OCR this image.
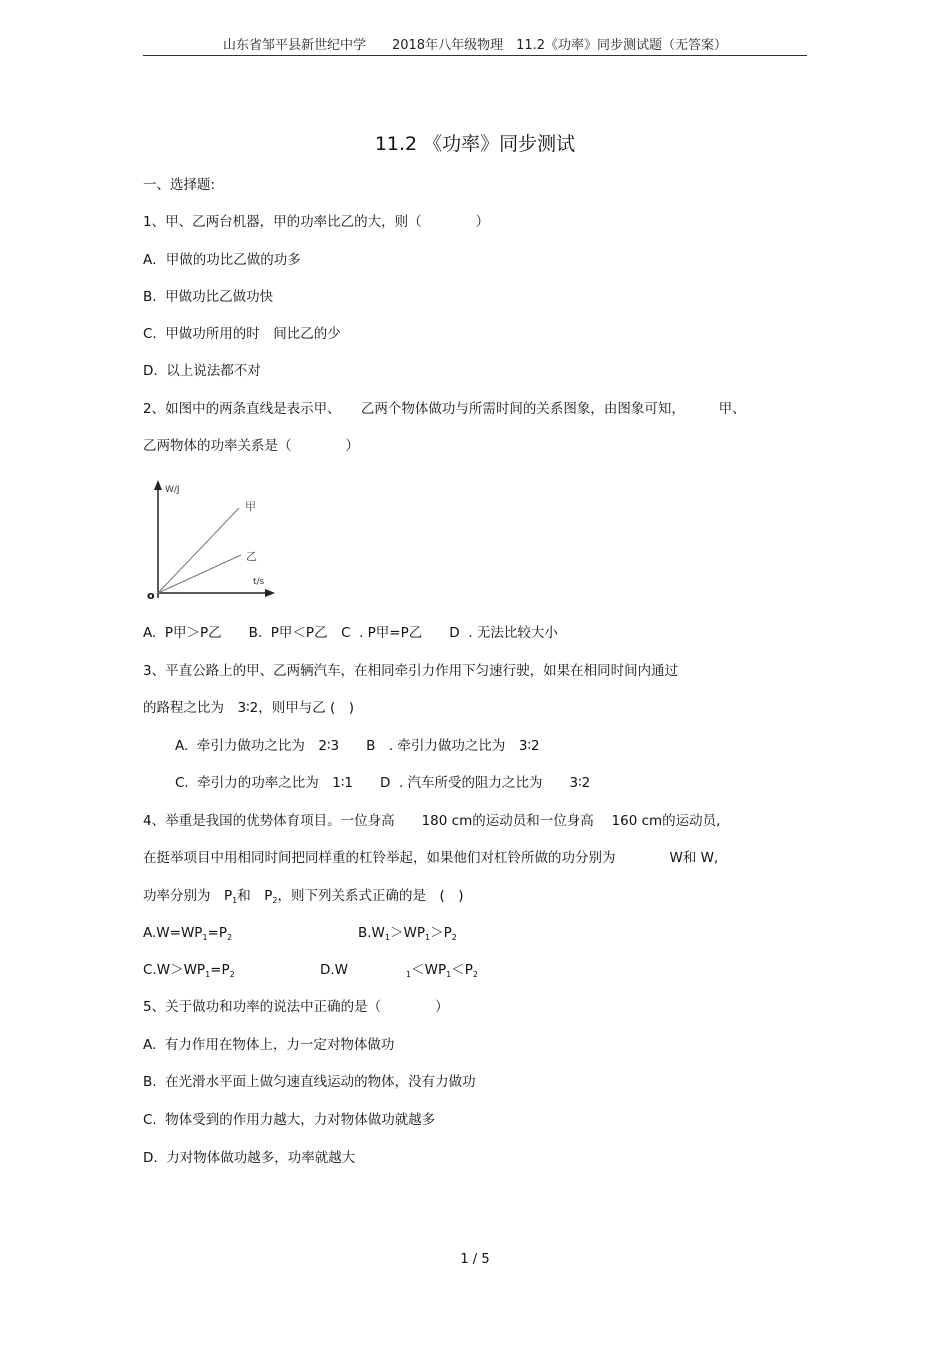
山东省邹平县新世纪中学　　2018年八年级物理　11.2《功率》同步测试题（无答案）
11.2 《功率》同步测试
一、选择题:
1、甲、乙两台机器，甲的功率比乙的大，则（　　　　）
A．甲做的功比乙做的功多
B.  甲做功比乙做功快
C.  甲做功所用的时　间比乙的少
D.  以上说法都不对
2、如图中的两条直线是表示甲、　　乙两个物体做功与所需时间的关系图象，由图象可知，　　　甲、
乙两物体的功率关系是（　　　　）
W/J
t/s
o
甲
乙
A.  P甲＞P乙　　B.  P甲＜P乙　C  . P甲=P乙　　D  . 无法比较大小
3、平直公路上的甲、乙两辆汽车，在相同牵引力作用下匀速行驶，如果在相同时间内通过
的路程之比为　3∶2，则甲与乙 (　)
A.  牵引力做功之比为　2∶3　　B　. 牵引力做功之比为　3∶2
C.  牵引力的功率之比为　1∶1　　D  . 汽车所受的阻力之比为　　3∶2
4、举重是我国的优势体育项目。一位身高　　180 cm的运动员和一位身高　 160 cm的运动员,
在挺举项目中用相同时间把同样重的杠铃举起，如果他们对杠铃所做的功分别为　　　　W和 W,
功率分别为　$P_1$和　$P_2$，则下列关系式正确的是　(　)
$A.W=WP_1=P_2$	$B.W_1>WP_1>P_2$
$C.W>WP_1=P_2$	D.W	$_1<WP_1<P_2$
5、关于做功和功率的说法中正确的是（　　　　）
A.  有力作用在物体上，力一定对物体做功
B.  在光滑水平面上做匀速直线运动的物体，没有力做功
C.  物体受到的作用力越大，力对物体做功就越多
D.  力对物体做功越多，功率就越大
1 / 5
